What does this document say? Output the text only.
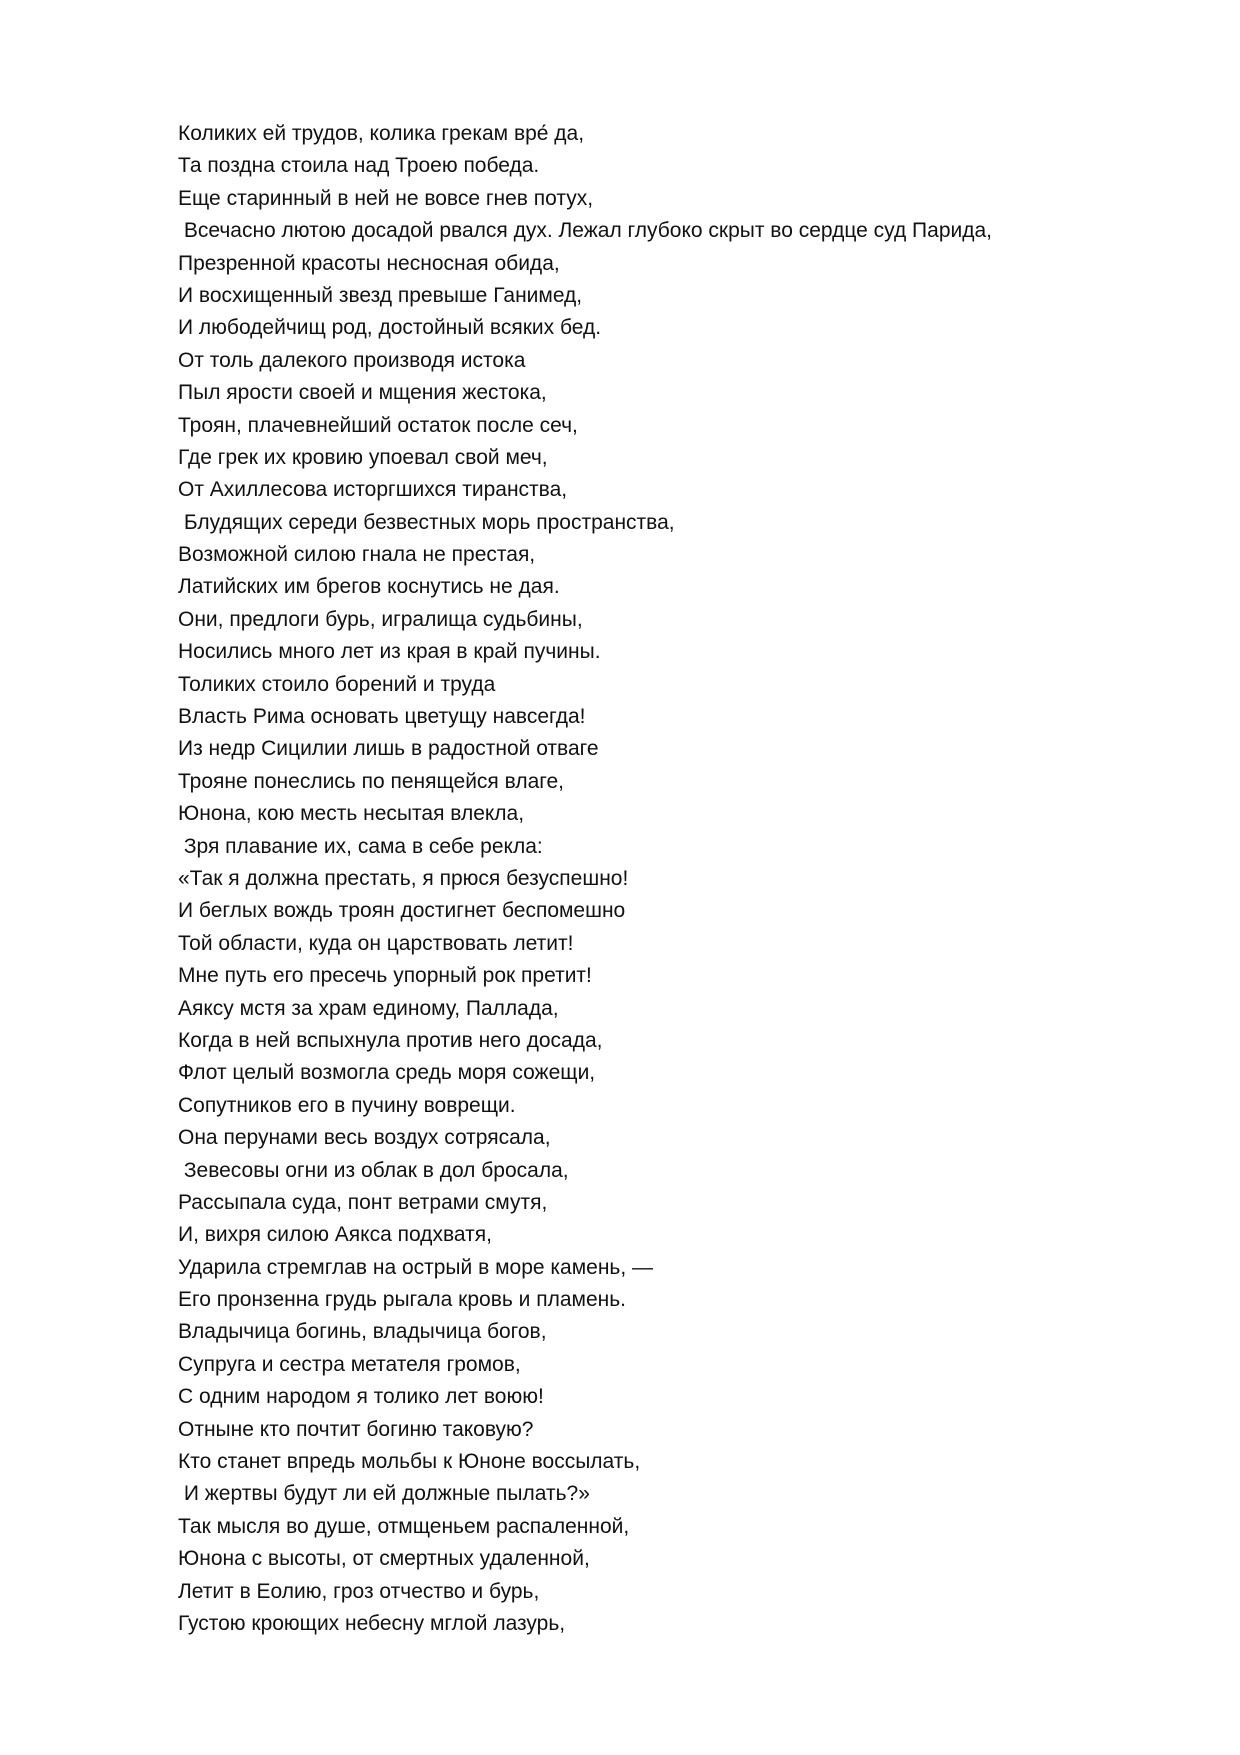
Коликих ей трудов, колика грекам вре́ да,
Та поздна стоила над Троею победа.
Еще старинный в ней не вовсе гнев потух,
Всечасно лютою досадой рвался дух. Лежал глубоко скрыт во сердце суд Парида,
Презренной красоты несносная обида,
И восхищенный звезд превыше Ганимед,
И любодейчищ род, достойный всяких бед.
От толь далекого производя истока
Пыл ярости своей и мщения жестока,
Троян, плачевнейший остаток после сеч,
Где грек их кровию упоевал свой меч,
От Ахиллесова исторгшихся тиранства,
Блудящих середи безвестных морь пространства,
Возможной силою гнала не престая,
Латийских им брегов коснутись не дая.
Они, предлоги бурь, игралища судьбины,
Носились много лет из края в край пучины.
Толиких стоило борений и труда
Власть Рима основать цветущу навсегда!
Из недр Сицилии лишь в радостной отваге
Трояне понеслись по пенящейся влаге,
Юнона, кою месть несытая влекла,
Зря плавание их, сама в себе рекла:
«Так я должна престать, я прюся безуспешно!
И беглых вождь троян достигнет беспомешно
Той области, куда он царствовать летит!
Мне путь его пресечь упорный рок претит!
Аяксу мстя за храм единому, Паллада,
Когда в ней вспыхнула против него досада,
Флот целый возмогла средь моря сожещи,
Сопутников его в пучину воврещи.
Она перунами весь воздух сотрясала,
Зевесовы огни из облак в дол бросала,
Рассыпала суда, понт ветрами смутя,
И, вихря силою Аякса подхватя,
Ударила стремглав на острый в море камень, —
Его пронзенна грудь рыгала кровь и пламень.
Владычица богинь, владычица богов,
Супруга и сестра метателя громов,
С одним народом я толико лет воюю!
Отныне кто почтит богиню таковую?
Кто станет впредь мольбы к Юноне воссылать,
И жертвы будут ли ей должные пылать?»
Так мысля во душе, отмщеньем распаленной,
Юнона с высоты, от смертных удаленной,
Летит в Еолию, гроз отчество и бурь,
Густою кроющих небесну мглой лазурь,
